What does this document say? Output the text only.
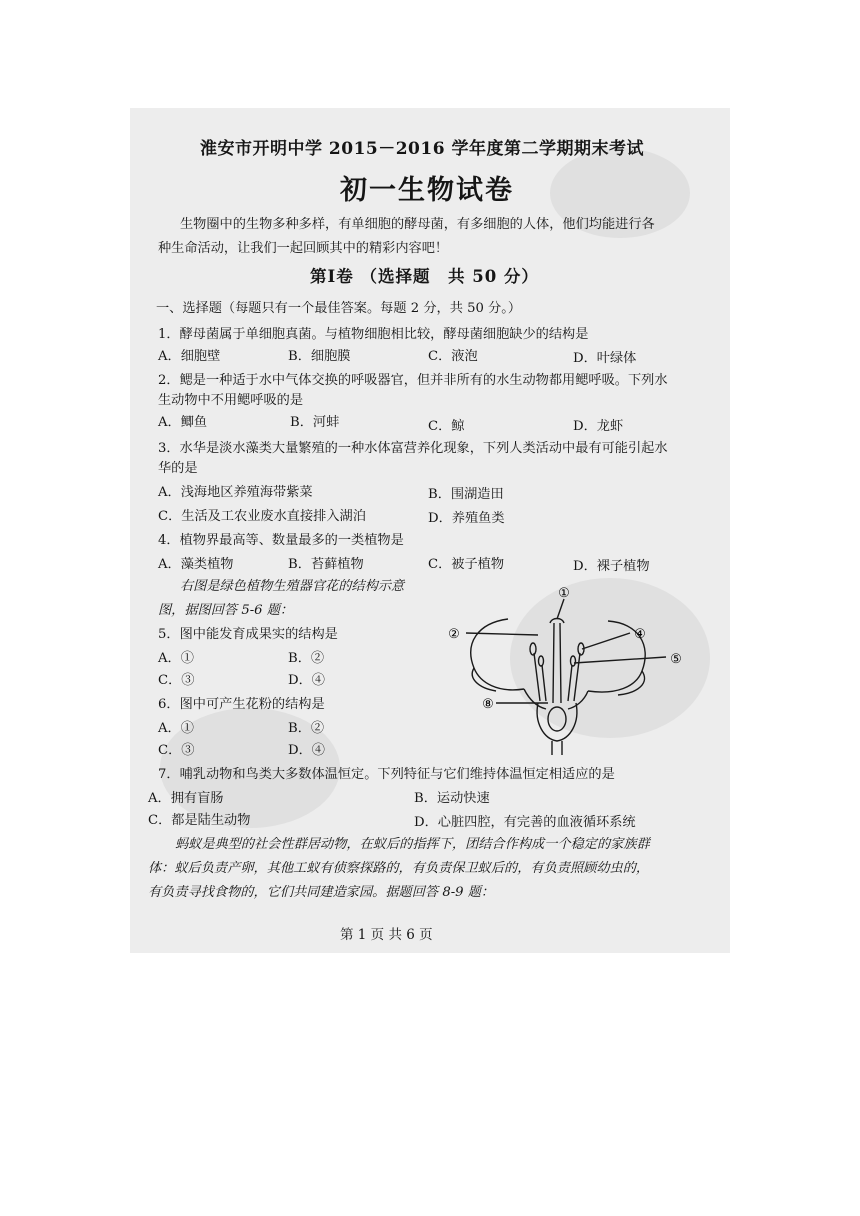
淮安市开明中学 2015－2016 学年度第二学期期末考试
初一生物试卷
生物圈中的生物多种多样，有单细胞的酵母菌，有多细胞的人体，他们均能进行各
种生命活动，让我们一起回顾其中的精彩内容吧！
第Ⅰ卷 （选择题　共 50 分）
一、选择题（每题只有一个最佳答案。每题 2 分，共 50 分。）
1．酵母菌属于单细胞真菌。与植物细胞相比较，酵母菌细胞缺少的结构是
A．细胞壁	B．细胞膜	C．液泡	D．叶绿体
2．鳃是一种适于水中气体交换的呼吸器官，但并非所有的水生动物都用鳃呼吸。下列水
生动物中不用鳃呼吸的是
A．鲫鱼	B．河蚌	C．鲸	D．龙虾
3．水华是淡水藻类大量繁殖的一种水体富营养化现象，下列人类活动中最有可能引起水
华的是
A．浅海地区养殖海带紫菜	B．围湖造田
C．生活及工农业废水直接排入湖泊	D．养殖鱼类
4．植物界最高等、数量最多的一类植物是
A．藻类植物	B．苔藓植物	C．被子植物	D．裸子植物
右图是绿色植物生殖器官花的结构示意
图，据图回答 5-6 题：
5．图中能发育成果实的结构是
A．①	B．②
C．③	D．④
6．图中可产生花粉的结构是
A．①	B．②
C．③	D．④
①
②	④
⑤
⑧
7．哺乳动物和鸟类大多数体温恒定。下列特征与它们维持体温恒定相适应的是
A．拥有盲肠	B．运动快速
C．都是陆生动物	D．心脏四腔，有完善的血液循环系统
蚂蚁是典型的社会性群居动物，在蚁后的指挥下，团结合作构成一个稳定的家族群
体：蚁后负责产卵，其他工蚁有侦察探路的，有负责保卫蚁后的，有负责照顾幼虫的，
有负责寻找食物的，它们共同建造家园。据题回答 8-9 题：
第 1 页 共 6 页
